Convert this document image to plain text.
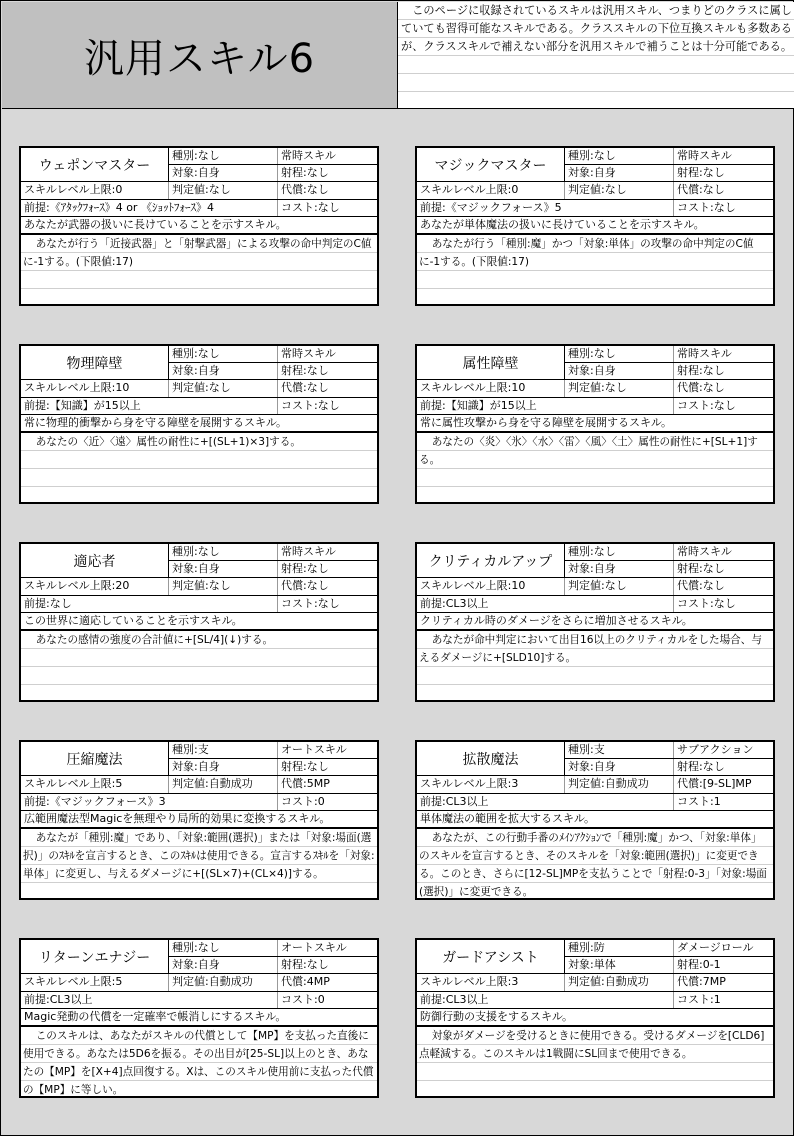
汎用スキル6
このページに収録されているスキルは汎用スキル、つまりどのクラスに属していても習得可能なスキルである。クラススキルの下位互換スキルも多数あるが、クラススキルで補えない部分を汎用スキルで補うことは十分可能である。
ウェポンマスター
種別:なし	常時スキル
対象:自身	射程:なし
スキルレベル上限:0	判定値:なし	代償:なし
前提:《ｱﾀｯｸﾌｫｰｽ》4 or 《ｼｮｯﾄﾌｫｰｽ》4	コスト:なし
あなたが武器の扱いに長けていることを示すスキル。
あなたが行う「近接武器」と「射撃武器」による攻撃の命中判定のC値に-1する。(下限値:17)
マジックマスター
種別:なし	常時スキル
対象:自身	射程:なし
スキルレベル上限:0	判定値:なし	代償:なし
前提:《マジックフォース》5	コスト:なし
あなたが単体魔法の扱いに長けていることを示すスキル。
あなたが行う「種別:魔」かつ「対象:単体」の攻撃の命中判定のC値に-1する。(下限値:17)
物理障壁
種別:なし	常時スキル
対象:自身	射程:なし
スキルレベル上限:10	判定値:なし	代償:なし
前提:【知識】が15以上	コスト:なし
常に物理的衝撃から身を守る障壁を展開するスキル。
あなたの〈近〉〈遠〉属性の耐性に+[(SL+1)×3]する。
属性障壁
種別:なし	常時スキル
対象:自身	射程:なし
スキルレベル上限:10	判定値:なし	代償:なし
前提:【知識】が15以上	コスト:なし
常に属性攻撃から身を守る障壁を展開するスキル。
あなたの〈炎〉〈氷〉〈水〉〈雷〉〈風〉〈土〉属性の耐性に+[SL+1]する。
適応者
種別:なし	常時スキル
対象:自身	射程:なし
スキルレベル上限:20	判定値:なし	代償:なし
前提:なし	コスト:なし
この世界に適応していることを示すスキル。
あなたの感情の強度の合計値に+[SL/4](↓)する。
クリティカルアップ
種別:なし	常時スキル
対象:自身	射程:なし
スキルレベル上限:10	判定値:なし	代償:なし
前提:CL3以上	コスト:なし
クリティカル時のダメージをさらに増加させるスキル。
あなたが命中判定において出目16以上のクリティカルをした場合、与えるダメージに+[SLD10]する。
圧縮魔法
種別:支	オートスキル
対象:自身	射程:なし
スキルレベル上限:5	判定値:自動成功	代償:5MP
前提:《マジックフォース》3	コスト:0
広範囲魔法型Magicを無理やり局所的効果に変換するスキル。
あなたが「種別:魔」であり、「対象:範囲(選択)」または「対象:場面(選択)」のｽｷﾙを宣言するとき、このｽｷﾙは使用できる。宣言するｽｷﾙを「対象:単体」に変更し、与えるダメージに+[(SL×7)+(CL×4)]する。
拡散魔法
種別:支	サブアクション
対象:自身	射程:なし
スキルレベル上限:3	判定値:自動成功	代償:[9-SL]MP
前提:CL3以上	コスト:1
単体魔法の範囲を拡大するスキル。
あなたが、この行動手番のﾒｲﾝｱｸｼｮﾝで「種別:魔」かつ、「対象:単体」のスキルを宣言するとき、そのスキルを「対象:範囲(選択)」に変更できる。このとき、さらに[12-SL]MPを支払うことで「射程:0-3」「対象:場面(選択)」に変更できる。
リターンエナジー
種別:なし	オートスキル
対象:自身	射程:なし
スキルレベル上限:5	判定値:自動成功	代償:4MP
前提:CL3以上	コスト:0
Magic発動の代償を一定確率で帳消しにするスキル。
このスキルは、あなたがスキルの代償として【MP】を支払った直後に使用できる。あなたは5D6を振る。その出目が[25-SL]以上のとき、あなたの【MP】を[X+4]点回復する。Xは、このスキル使用前に支払った代償の【MP】に等しい。
ガードアシスト
種別:防	ダメージロール
対象:単体	射程:0-1
スキルレベル上限:3	判定値:自動成功	代償:7MP
前提:CL3以上	コスト:1
防御行動の支援をするスキル。
対象がダメージを受けるときに使用できる。受けるダメージを[CLD6]点軽減する。このスキルは1戦闘にSL回まで使用できる。
